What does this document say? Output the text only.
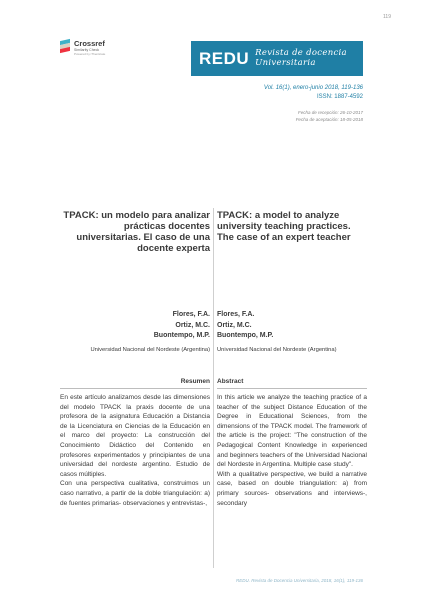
119
Crossref
Similarity Check
Powered by iThenticate	REDU Revista de docencia
Universitaria
Vol. 16(1), enero-junio 2018, 119-136
ISSN: 1887-4592
Fecha de recepción: 26-10-2017
Fecha de aceptación: 18-05-2018
TPACK: un modelo para analizar prácticas docentes universitarias. El caso de una docente experta
TPACK: a model to analyze university teaching practices. The case of an expert teacher
Flores, F.A.
Ortiz, M.C.
Buontempo, M.P.
Flores, F.A.
Ortiz, M.C.
Buontempo, M.P.
Universidad Nacional del Nordeste (Argentina) Universidad Nacional del Nordeste (Argentina)
Resumen Abstract

En este artículo analizamos desde las dimensiones del modelo TPACK la praxis docente de una profesora de la asignatura Educación a Distancia de la Licenciatura en Ciencias de la Educación en el marco del proyecto: La construcción del Conocimiento Didáctico del Contenido en profesores experimentados y principiantes de una universidad del nordeste argentino. Estudio de casos múltiples.

Con una perspectiva cualitativa, construimos un caso narrativo, a partir de la doble triangulación: a) de fuentes primarias- observaciones y entrevistas-,

In this article we analyze the teaching practice of a teacher of the subject Distance Education of the Degree in Educational Sciences, from the dimensions of the TPACK model. The framework of the article is the project: "The construction of the Pedagogical Content Knowledge in experienced and beginners teachers of the Universidad Nacional del Nordeste in Argentina. Multiple case study".

With a qualitative perspective, we build a narrative case, based on double triangulation: a) from primary sources- observations and interviews-, secondary

REDU. Revista de Docencia Universitaria, 2018, 16(1), 119-136
